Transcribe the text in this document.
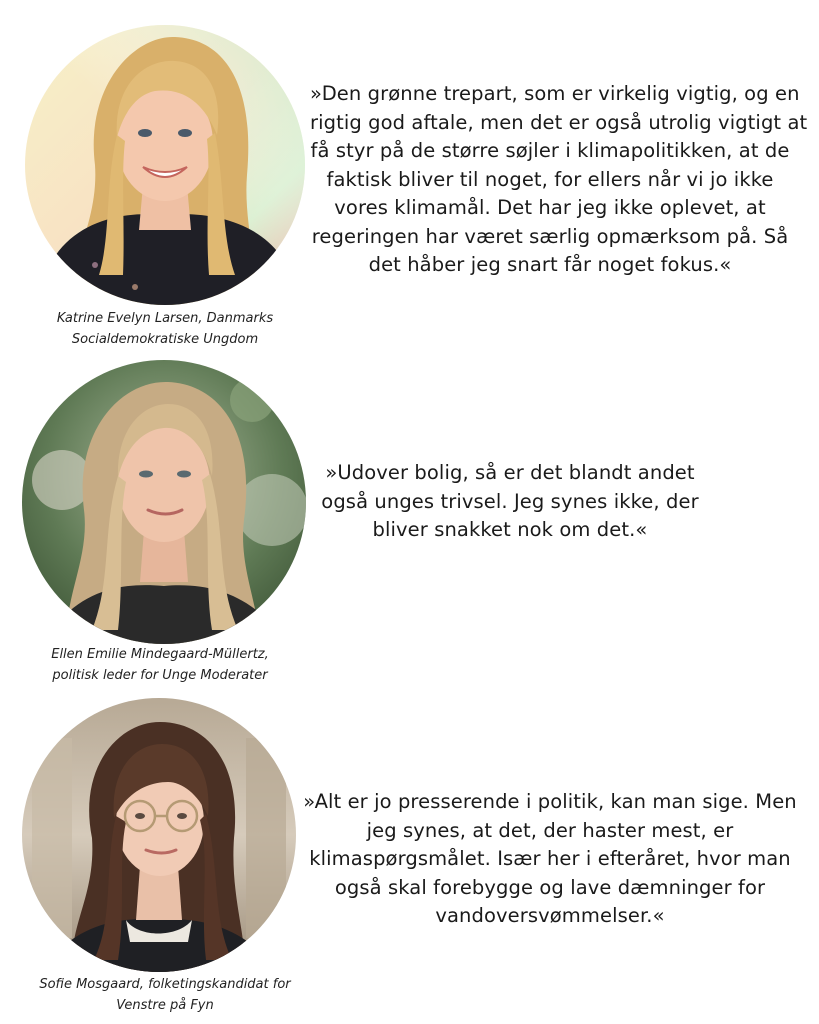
Katrine Evelyn Larsen, Danmarks
Socialdemokratiske Ungdom
»Den grønne trepart, som er virkelig vigtig, og en
rigtig god aftale, men det er også utrolig vigtigt at
få styr på de større søjler i klimapolitikken, at de
faktisk bliver til noget, for ellers når vi jo ikke
vores klimamål. Det har jeg ikke oplevet, at
regeringen har været særlig opmærksom på. Så
det håber jeg snart får noget fokus.«
Ellen Emilie Mindegaard-Müllertz,
politisk leder for Unge Moderater
»Udover bolig, så er det blandt andet
også unges trivsel. Jeg synes ikke, der
bliver snakket nok om det.«
Sofie Mosgaard, folketingskandidat for
Venstre på Fyn
»Alt er jo presserende i politik, kan man sige. Men
jeg synes, at det, der haster mest, er
klimaspørgsmålet. Især her i efteråret, hvor man
også skal forebygge og lave dæmninger for
vandoversvømmelser.«
